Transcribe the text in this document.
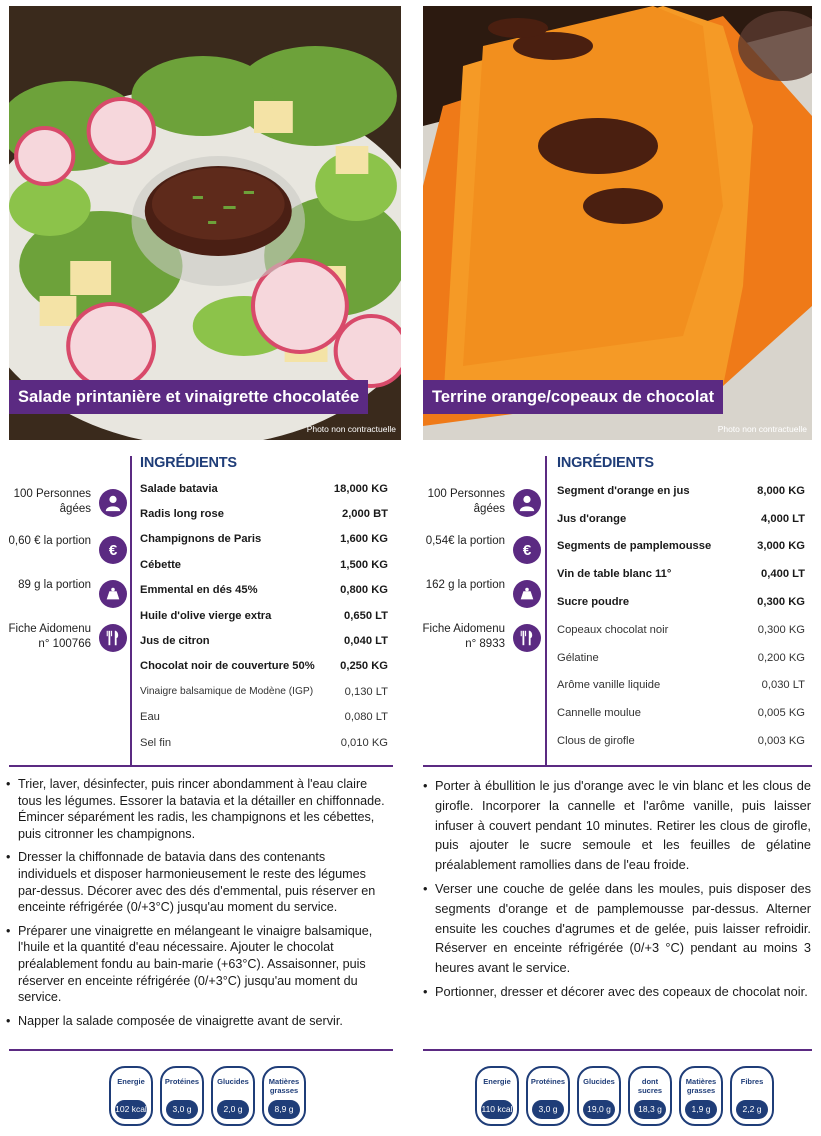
Salade printanière et vinaigrette chocolatée
Photo non contractuelle
INGRÉDIENTS
100 Personnes âgées
0,60 € la portion
€
89 g la portion
Fiche Aidomenu n° 100766
Salade batavia	18,000 KG
Radis long rose	2,000 BT
Champignons de Paris	1,600 KG
Cébette	1,500 KG
Emmental en dés 45%	0,800 KG
Huile d'olive vierge extra	0,650 LT
Jus de citron	0,040 LT
Chocolat noir de couverture 50%	0,250 KG
Vinaigre balsamique de Modène (IGP)	0,130 LT
Eau	0,080 LT
Sel fin	0,010 KG
• Trier, laver, désinfecter, puis rincer abondamment à l'eau claire tous les légumes. Essorer la batavia et la détailler en chiffonnade. Émincer séparément les radis, les champignons et les cébettes, puis citronner les champignons.
• Dresser la chiffonnade de batavia dans des contenants individuels et disposer harmonieusement le reste des légumes par-dessus. Décorer avec des dés d'emmental, puis réserver en enceinte réfrigérée (0/+3°C) jusqu'au moment du service.
• Préparer une vinaigrette en mélangeant le vinaigre balsamique, l'huile et la quantité d'eau nécessaire. Ajouter le chocolat préalablement fondu au bain-marie (+63°C). Assaisonner, puis réserver en enceinte réfrigérée (0/+3°C) jusqu'au moment du service.
• Napper la salade composée de vinaigrette avant de servir.
Energie
102 kcal
Protéines
3,0 g
Glucides
2,0 g
Matières grasses
8,9 g
Terrine orange/copeaux de chocolat
Photo non contractuelle
INGRÉDIENTS
100 Personnes âgées
0,54€ la portion
€
162 g la portion
Fiche Aidomenu n° 8933
Segment d'orange en jus	8,000 KG
Jus d'orange	4,000 LT
Segments de pamplemousse	3,000 KG
Vin de table blanc 11°	0,400 LT
Sucre poudre	0,300 KG
Copeaux chocolat noir	0,300 KG
Gélatine	0,200 KG
Arôme vanille liquide	0,030 LT
Cannelle moulue	0,005 KG
Clous de girofle	0,003 KG
• Porter à ébullition le jus d'orange avec le vin blanc et les clous de girofle. Incorporer la cannelle et l'arôme vanille, puis laisser infuser à couvert pendant 10 minutes. Retirer les clous de girofle, puis ajouter le sucre semoule et les feuilles de gélatine préalablement ramollies dans de l'eau froide.
• Verser une couche de gelée dans les moules, puis disposer des segments d'orange et de pamplemousse par-dessus. Alterner ensuite les couches d'agrumes et de gelée, puis laisser refroidir. Réserver en enceinte réfrigérée (0/+3 °C) pendant au moins 3 heures avant le service.
• Portionner, dresser et décorer avec des copeaux de chocolat noir.
Energie
110 kcal
Protéines
3,0 g
Glucides
19,0 g
dont sucres
18,3 g
Matières grasses
1,9 g
Fibres
2,2 g
